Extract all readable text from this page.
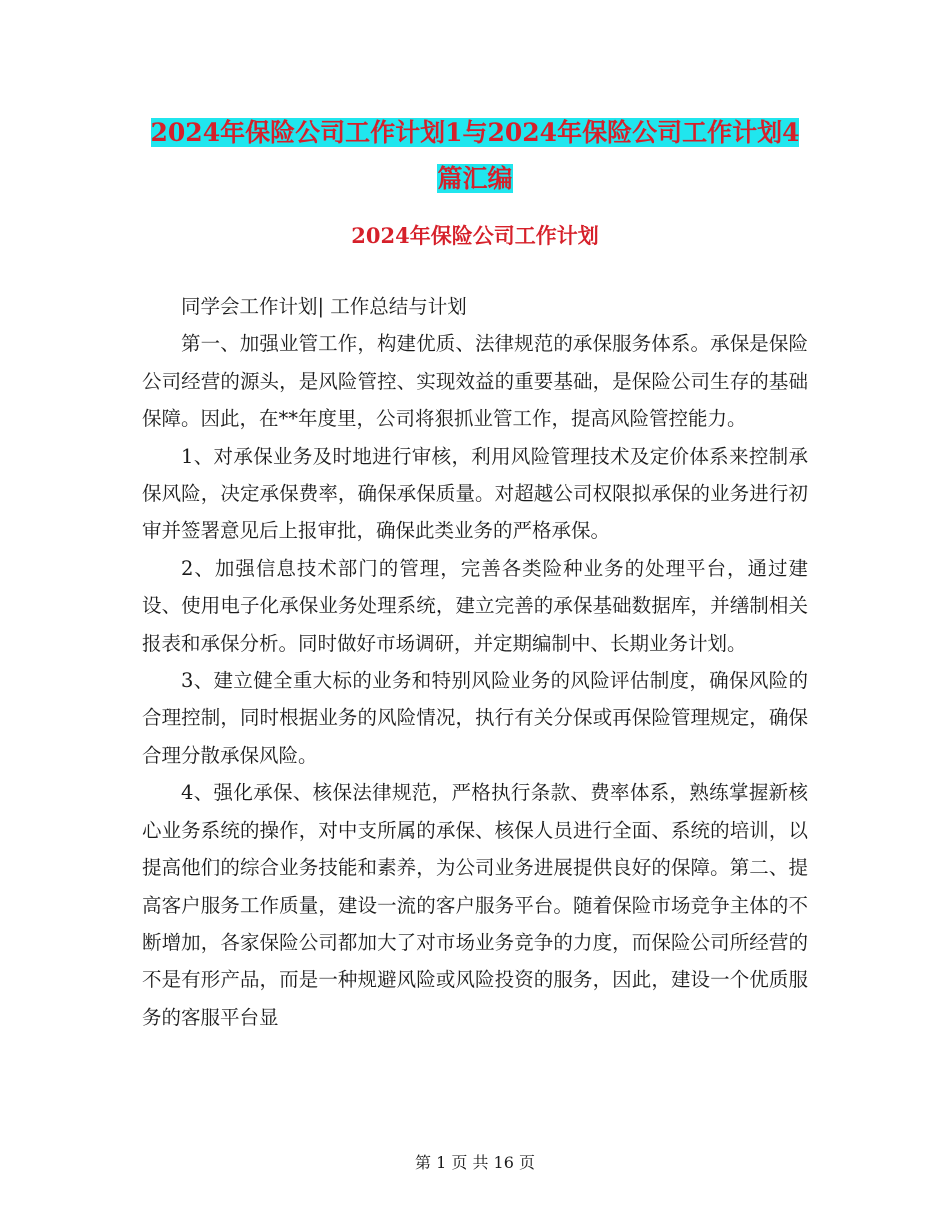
2024年保险公司工作计划1与2024年保险公司工作计划4篇汇编
2024年保险公司工作计划

同学会工作计划| 工作总结与计划

第一、加强业管工作，构建优质、法律规范的承保服务体系。承保是保险公司经营的源头，是风险管控、实现效益的重要基础，是保险公司生存的基础保障。因此，在**年度里，公司将狠抓业管工作，提高风险管控能力。

1、对承保业务及时地进行审核，利用风险管理技术及定价体系来控制承保风险，决定承保费率，确保承保质量。对超越公司权限拟承保的业务进行初审并签署意见后上报审批，确保此类业务的严格承保。

2、加强信息技术部门的管理，完善各类险种业务的处理平台，通过建设、使用电子化承保业务处理系统，建立完善的承保基础数据库，并缮制相关报表和承保分析。同时做好市场调研，并定期编制中、长期业务计划。

3、建立健全重大标的业务和特别风险业务的风险评估制度，确保风险的合理控制，同时根据业务的风险情况，执行有关分保或再保险管理规定，确保合理分散承保风险。

4、强化承保、核保法律规范，严格执行条款、费率体系，熟练掌握新核心业务系统的操作，对中支所属的承保、核保人员进行全面、系统的培训，以提高他们的综合业务技能和素养，为公司业务进展提供良好的保障。第二、提高客户服务工作质量，建设一流的客户服务平台。随着保险市场竞争主体的不断增加，各家保险公司都加大了对市场业务竞争的力度，而保险公司所经营的不是有形产品，而是一种规避风险或风险投资的服务，因此，建设一个优质服务的客服平台显

第 1 页 共 16 页
